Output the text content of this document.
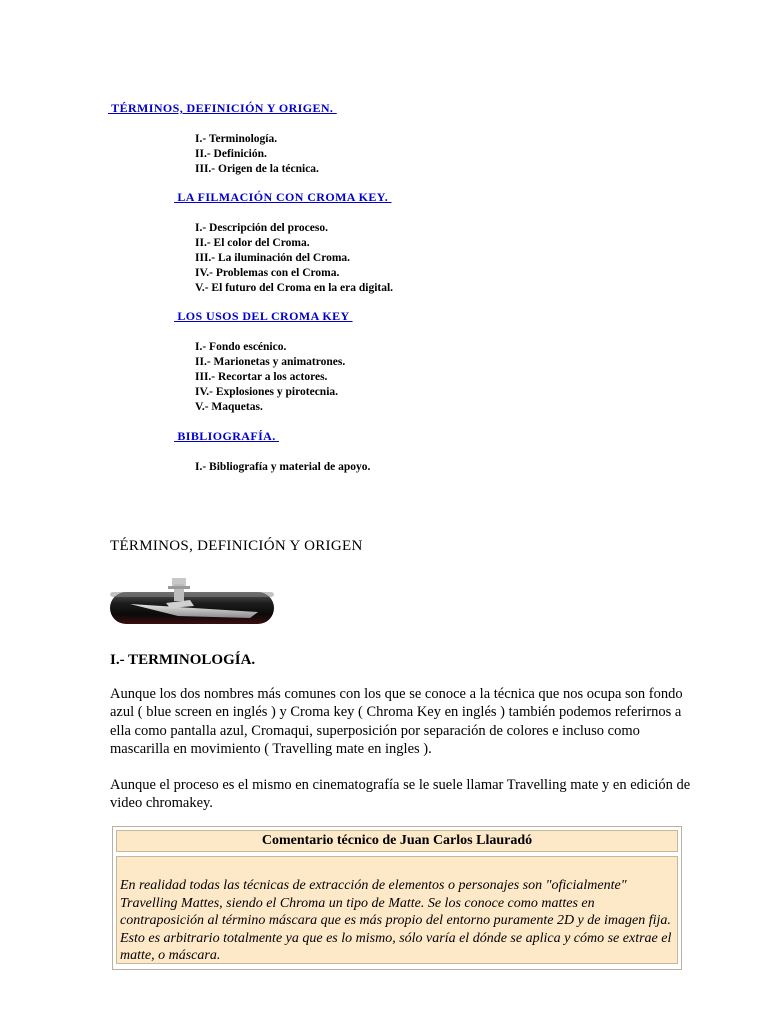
TÉRMINOS, DEFINICIÓN Y ORIGEN.
I.- Terminología.
II.- Definición.
III.- Origen de la técnica.
LA FILMACIÓN CON CROMA KEY.
I.- Descripción del proceso.
II.- El color del Croma.
III.- La iluminación del Croma.
IV.- Problemas con el Croma.
V.- El futuro del Croma en la era digital.
LOS USOS DEL CROMA KEY
I.- Fondo escénico.
II.- Marionetas y animatrones.
III.- Recortar a los actores.
IV.- Explosiones y pirotecnia.
V.- Maquetas.
BIBLIOGRAFÍA.
I.- Bibliografía y material de apoyo.
TÉRMINOS, DEFINICIÓN Y ORIGEN
I.- TERMINOLOGÍA.

Aunque los dos nombres más comunes con los que se conoce a la técnica que nos ocupa son fondo azul ( blue screen en inglés ) y Croma key ( Chroma Key en inglés ) también podemos referirnos a ella como pantalla azul, Cromaqui, superposición por separación de colores e incluso como mascarilla en movimiento ( Travelling mate en ingles ).

Aunque el proceso es el mismo en cinematografía se le suele llamar Travelling mate y en edición de video chromakey.

Comentario técnico de Juan Carlos Llauradó
En realidad todas las técnicas de extracción de elementos o personajes son "oficialmente" Travelling Mattes, siendo el Chroma un tipo de Matte. Se los conoce como mattes en contraposición al término máscara que es más propio del entorno puramente 2D y de imagen fija. Esto es arbitrario totalmente ya que es lo mismo, sólo varía el dónde se aplica y cómo se extrae el matte, o máscara.
